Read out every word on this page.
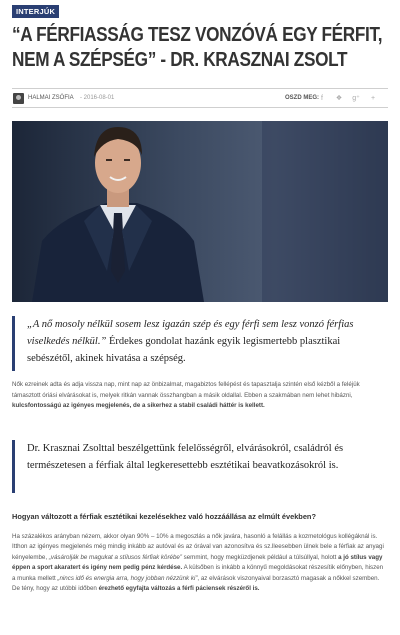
INTERJÚK
“A FÉRFIASSÁG TESZ VONZÓVÁ EGY FÉRFIT, NEM A SZÉPSÉG” - DR. KRASZNAI ZSOLT
HALMAI ZSÓFIA - 2016-08-01	OSZD MEG: f	❖ g⁺	+
„A nő mosoly nélkül sosem lesz igazán szép és egy férfi sem lesz vonzó férfias viselkedés nélkül.” Érdekes gondolat hazánk egyik legismertebb plasztikai sebészétől, akinek hivatása a szépség.

Nők ezreinek adta és adja vissza nap, mint nap az önbizalmat, magabiztos fellépést és tapasztalja szintén első kézből a feléjük támasztott óriási elvárásokat is, melyek ritkán vannak összhangban a másik oldallal. Ebben a szakmában nem lehet hibázni, kulcsfontosságú az igényes megjelenés, de a sikerhez a stabil családi háttér is kellett.

Dr. Krasznai Zsolttal beszélgettünk felelősségről, elvárásokról, családról és természetesen a férfiak által legkeresettebb esztétikai beavatkozásokról is.
Hogyan változott a férfiak esztétikai kezelésekhez való hozzáállása az elmúlt években?

Ha százalékos arányban nézem, akkor olyan 90% – 10% a megoszlás a nők javára, hasonló a felállás a kozmetológus kollégáknál is. Itthon az igényes megjelenés még mindig inkább az autóval és az órával van azonosítva és sz.lleesebben ülnek bele a férfiak az anyagi kényelembe, „vásárolják be magukat a stílusos férfiak körébe” semmint, hogy megküzdjenek például a túlsúllyal, holott a jó stílus vagy éppen a sport akaratert és igény nem pedig pénz kérdése. A külsőben is inkább a könnyű megoldásokat részesítik előnyben, hiszen a munka mellett „nincs idő és energia arra, hogy jobban nézzünk ki”, az elvárások viszonyaival borzasztó magasak a nőkkel szemben. De tény, hogy az utóbbi időben érezhető egyfajta változás a férfi páciensek részéről is.
